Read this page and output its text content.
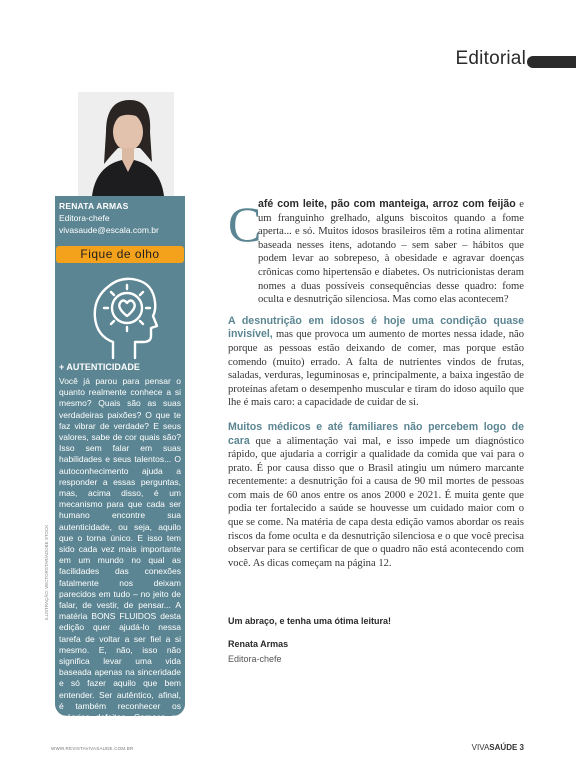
Editorial
RENATA ARMAS
Editora-chefe
vivasaude@escala.com.br
Fique de olho
+ AUTENTICIDADE
Você já parou para pensar o quanto realmente conhece a si mesmo? Quais são as suas verdadeiras paixões? O que te faz vibrar de verdade? E seus valores, sabe de cor quais são? Isso sem falar em suas habilidades e seus talentos... O autoconhecimento ajuda a responder a essas perguntas, mas, acima disso, é um mecanismo para que cada ser humano encontre sua autenticidade, ou seja, aquilo que o torna único. E isso tem sido cada vez mais importante em um mundo no qual as facilidades das conexões fatalmente nos deixam parecidos em tudo – no jeito de falar, de vestir, de pensar... A matéria BONS FLUIDOS desta edição quer ajudá-lo nessa tarefa de voltar a ser fiel a si mesmo. E, não, isso não significa levar uma vida baseada apenas na sinceridade e só fazer aquilo que bem entender. Ser autêntico, afinal, é também reconhecer os próprios defeitos. Começa na página 44.
ILUSTRAÇÃO: VECTORSTAR/ADOBE STOCK
C

afé com leite, pão com manteiga, arroz com feijão e um franguinho grelhado, alguns biscoitos quando a fome aperta... e só. Muitos idosos brasileiros têm a rotina alimentar baseada nesses itens, adotando – sem saber – hábitos que podem levar ao sobrepeso, à obesidade e agravar doenças crônicas como hipertensão e diabetes. Os nutricionistas deram nomes a duas possíveis consequências desse quadro: fome oculta e desnutrição silenciosa. Mas como elas acontecem?

A desnutrição em idosos é hoje uma condição quase invisível, mas que provoca um aumento de mortes nessa idade, não porque as pessoas estão deixando de comer, mas porque estão comendo (muito) errado. A falta de nutrientes vindos de frutas, saladas, verduras, leguminosas e, principalmente, a baixa ingestão de proteínas afetam o desempenho muscular e tiram do idoso aquilo que lhe é mais caro: a capacidade de cuidar de si.

Muitos médicos e até familiares não percebem logo de cara que a alimentação vai mal, e isso impede um diagnóstico rápido, que ajudaria a corrigir a qualidade da comida que vai para o prato. É por causa disso que o Brasil atingiu um número marcante recentemente: a desnutrição foi a causa de 90 mil mortes de pessoas com mais de 60 anos entre os anos 2000 e 2021. É muita gente que podia ter fortalecido a saúde se houvesse um cuidado maior com o que se come. Na matéria de capa desta edição vamos abordar os reais riscos da fome oculta e da desnutrição silenciosa e o que você precisa observar para se certificar de que o quadro não está acontecendo com você. As dicas começam na página 12.

Um abraço, e tenha uma ótima leitura!
Renata Armas
Editora-chefe
WWW.REVISTAVIVASAUDE.COM.BR	VIVASAÚDE 3
